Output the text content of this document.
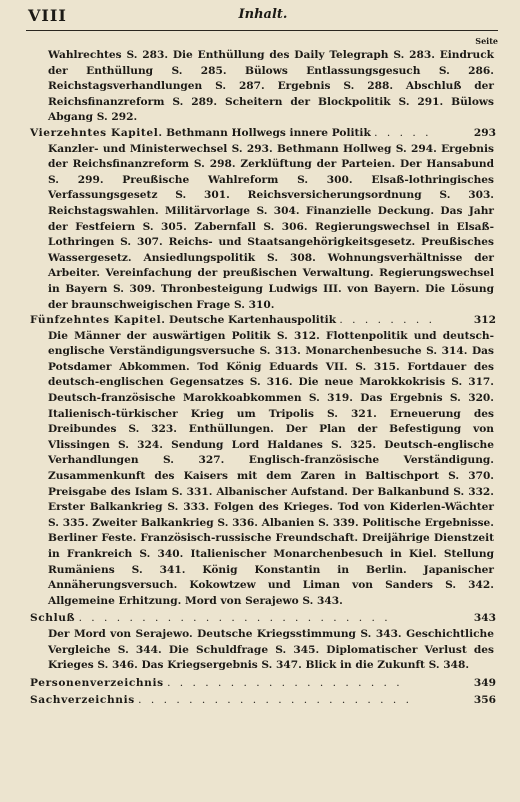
VIII	Inhalt.
Seite
Wahlrechtes S. 283. Die Enthüllung des Daily Telegraph S. 283. Eindruck der Enthüllung S. 285. Bülows Entlassungsgesuch S. 286. Reichstagsverhandlungen S. 287. Ergebnis S. 288. Abschluß der Reichsfinanzreform S. 289. Scheitern der Blockpolitik S. 291. Bülows Abgang S. 292.
Vierzehntes Kapitel. Bethmann Hollwegs innere Politik . . . . .	293
Kanzler- und Ministerwechsel S. 293. Bethmann Hollweg S. 294. Ergebnis der Reichsfinanzreform S. 298. Zerklüftung der Parteien. Der Hansabund S. 299. Preußische Wahlreform S. 300. Elsaß-lothringisches Verfassungsgesetz S. 301. Reichsversicherungsordnung S. 303. Reichstagswahlen. Militärvorlage S. 304. Finanzielle Deckung. Das Jahr der Festfeiern S. 305. Zabernfall S. 306. Regierungswechsel in Elsaß-Lothringen S. 307. Reichs- und Staatsangehörigkeitsgesetz. Preußisches Wassergesetz. Ansiedlungspolitik S. 308. Wohnungsverhältnisse der Arbeiter. Vereinfachung der preußischen Verwaltung. Regierungswechsel in Bayern S. 309. Thronbesteigung Ludwigs III. von Bayern. Die Lösung der braunschweigischen Frage S. 310.
Fünfzehntes Kapitel. Deutsche Kartenhauspolitik . . . . . . . .	312
Die Männer der auswärtigen Politik S. 312. Flottenpolitik und deutsch-englische Verständigungsversuche S. 313. Monarchenbesuche S. 314. Das Potsdamer Abkommen. Tod König Eduards VII. S. 315. Fortdauer des deutsch-englischen Gegensatzes S. 316. Die neue Marokkokrisis S. 317. Deutsch-französische Marokkoabkommen S. 319. Das Ergebnis S. 320. Italienisch-türkischer Krieg um Tripolis S. 321. Erneuerung des Dreibundes S. 323. Enthüllungen. Der Plan der Befestigung von Vlissingen S. 324. Sendung Lord Haldanes S. 325. Deutsch-englische Verhandlungen S. 327. Englisch-französische Verständigung. Zusammenkunft des Kaisers mit dem Zaren in Baltischport S. 370. Preisgabe des Islam S. 331. Albanischer Aufstand. Der Balkanbund S. 332. Erster Balkankrieg S. 333. Folgen des Krieges. Tod von Kiderlen-Wächter S. 335. Zweiter Balkankrieg S. 336. Albanien S. 339. Politische Ergebnisse. Berliner Feste. Französisch-russische Freundschaft. Dreijährige Dienstzeit in Frankreich S. 340. Italienischer Monarchenbesuch in Kiel. Stellung Rumäniens S. 341. König Konstantin in Berlin. Japanischer Annäherungsversuch. Kokowtzew und Liman von Sanders S. 342. Allgemeine Erhitzung. Mord von Serajewo S. 343.
Schluß . . . . . . . . . . . . . . . . . . . . . . . . .	343
Der Mord von Serajewo. Deutsche Kriegsstimmung S. 343. Geschichtliche Vergleiche S. 344. Die Schuldfrage S. 345. Diplomatischer Verlust des Krieges S. 346. Das Kriegsergebnis S. 347. Blick in die Zukunft S. 348.
Personenverzeichnis . . . . . . . . . . . . . . . . . . .	349
Sachverzeichnis . . . . . . . . . . . . . . . . . . . . . .	356
